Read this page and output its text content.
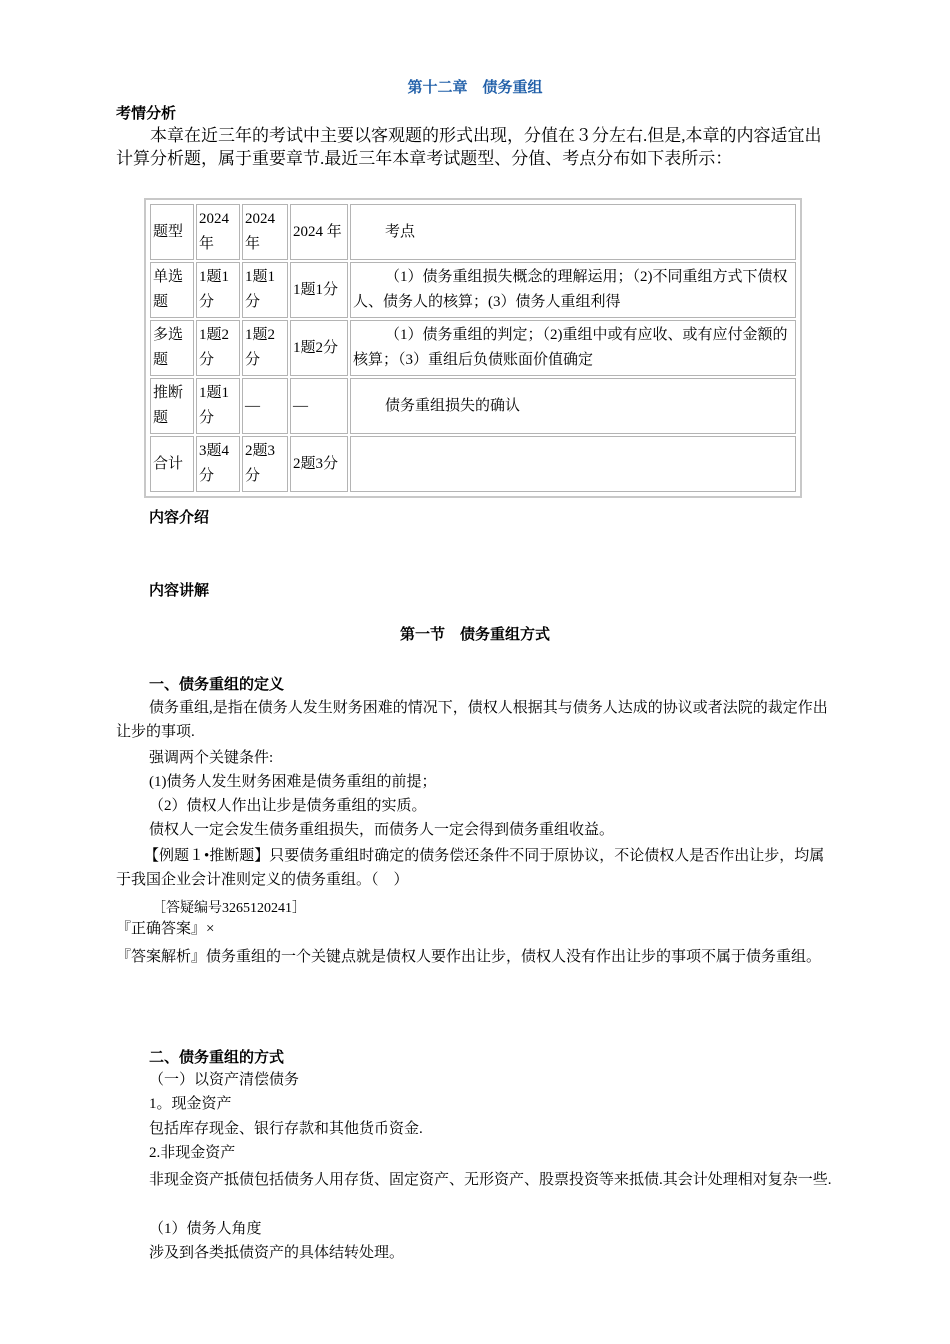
第十二章　债务重组
考情分析
本章在近三年的考试中主要以客观题的形式出现，分值在３分左右.但是,本章的内容适宜出计算分析题，属于重要章节.最近三年本章考试题型、分值、考点分布如下表所示：
题型	2024年	2024年	2024 年	考点

单选题	1题1分	1题1分	1题1分	（1）债务重组损失概念的理解运用；（2)不同重组方式下债权人、债务人的核算；(3）债务人重组利得

多选题	1题2分	1题2分	1题2分	（1）债务重组的判定；（2)重组中或有应收、或有应付金额的核算；（3）重组后负债账面价值确定

推断题	1题1分	—	—	债务重组损失的确认

合计	3题4分	2题3分	2题3分	
内容介绍
内容讲解
第一节　债务重组方式
一、债务重组的定义
债务重组,是指在债务人发生财务困难的情况下，债权人根据其与债务人达成的协议或者法院的裁定作出让步的事项.
强调两个关键条件:
(1)债务人发生财务困难是债务重组的前提；
（2）债权人作出让步是债务重组的实质。
债权人一定会发生债务重组损失，而债务人一定会得到债务重组收益。
【例题１•推断题】只要债务重组时确定的债务偿还条件不同于原协议，不论债权人是否作出让步，均属于我国企业会计准则定义的债务重组。（　）
［答疑编号3265120241］
『正确答案』×
『答案解析』债务重组的一个关键点就是债权人要作出让步，债权人没有作出让步的事项不属于债务重组。
二、债务重组的方式
（一）以资产清偿债务
1。现金资产
包括库存现金、银行存款和其他货币资金.
2.非现金资产
非现金资产抵债包括债务人用存货、固定资产、无形资产、股票投资等来抵债.其会计处理相对复杂一些.
（1）债务人角度
涉及到各类抵债资产的具体结转处理。
